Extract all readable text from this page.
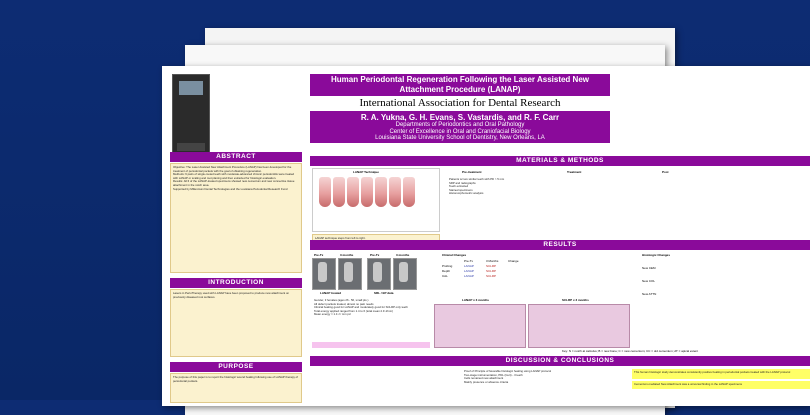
Human Periodontal Regeneration Following the Laser Assisted New Attachment Procedure (LANAP)
International Association for Dental Research
R. A. Yukna, G. H. Evans, S. Vastardis, and R. F. Carr
Departments of Periodontics and Oral Pathology
Center of Excellence in Oral and Craniofacial Biology
Louisiana State University School of Dentistry, New Orleans, LA
ABSTRACT
Objective: The Laser Assisted New Attachment Procedure (LANAP) has been developed for the treatment of periodontal pockets with the goal of obtaining regeneration.
Methods: 6 pairs of single-rooted teeth with moderate-advanced chronic periodontitis were treated with LANAP or scaling and root planing and then extracted for histologic evaluation.
Results: All 6 of the LANAP-treated specimens showed new cementum and new connective tissue attachment in the notch area.
Supported by Millennium Dental Technologies and the Louisiana Periodontal Research Fund
INTRODUCTION
Lasers in PerioTherapy used with LANAP have been proposed to produce new attachment on previously diseased root surfaces.
PURPOSE
The purpose of this paper is to report the histologic wound healing following use of LANAP therapy of periodontal pockets.
MATERIALS & METHODS
LANAP Technique
LANAP technique steps from left to right.
Pre-treatment	Treatment	Post
Patients w/ two similar teeth with PD > 5 mm
SRP and radiographs
Teeth extracted
Stained specimens
Histomorphometric analysis
RESULTS
Pre-Tx	3 months	Pre-Tx	3 months
LANAP treated	SRL / EP data
Gender, 3 females (ages 26 - 56, small pts.)
All defect pockets treated, almost no pain needs
Clinical healing good for LANAP and moderately good for SCLRP only teeth
Total energy applied ranged from 1.4 to 6 (total mean 2.9 J/mm)
Mean energy = 1.4 J / mm pd
Clinical Changes
Pre-Tx	3 Months	Change
Probing	LANAP	SCLRP
Depth	LANAP	SCLRP
CAL	LANAP	SCLRP
Histologic Changes
New CEM
New COL
New ATTN
LANAP x 3 months	SCLRP x 3 months
Key: N = notch at calculus; B = new bone; C = new cementum; CC = old cementum; AT = apical extent
DISCUSSION & CONCLUSIONS
Proof of Principle of favorable histologic healing using LANAP protocol
Two-stage instrumentation, PDL (Cert) - 3 teeth
Cells remained new attachment
Mainly presence or absence criteria
This human histologic study demonstrates consistently positive healing in periodontal pockets treated with the LANAP protocol
Cementum-mediated New Attachment was a universal finding in the LANAP specimens
